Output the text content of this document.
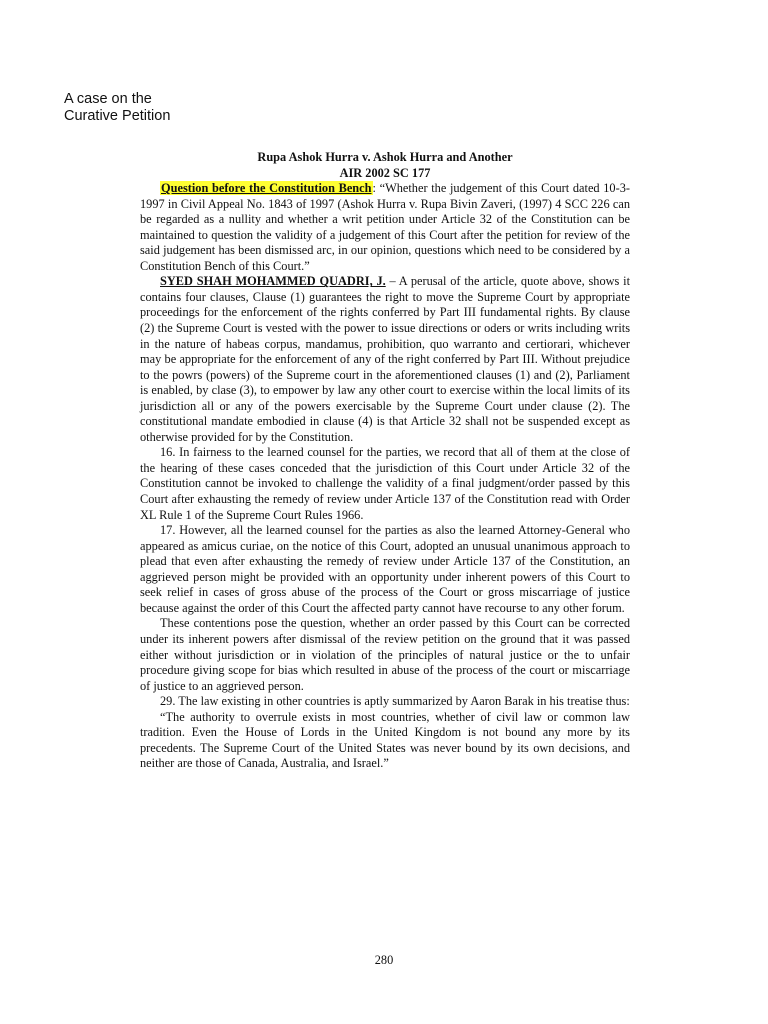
A case on the
Curative Petition
Rupa Ashok Hurra v. Ashok Hurra and Another
AIR 2002 SC 177

Question before the Constitution Bench: “Whether the judgement of this Court dated 10-3-1997 in Civil Appeal No. 1843 of 1997 (Ashok Hurra v. Rupa Bivin Zaveri, (1997) 4 SCC 226 can be regarded as a nullity and whether a writ petition under Article 32 of the Constitution can be maintained to question the validity of a judgement of this Court after the petition for review of the said judgement has been dismissed arc, in our opinion, questions which need to be considered by a Constitution Bench of this Court.”

SYED SHAH MOHAMMED QUADRI, J. – A perusal of the article, quote above, shows it contains four clauses, Clause (1) guarantees the right to move the Supreme Court by appropriate proceedings for the enforcement of the rights conferred by Part III fundamental rights. By clause (2) the Supreme Court is vested with the power to issue directions or oders or writs including writs in the nature of habeas corpus, mandamus, prohibition, quo warranto and certiorari, whichever may be appropriate for the enforcement of any of the right conferred by Part III. Without prejudice to the powrs (powers) of the Supreme court in the aforementioned clauses (1) and (2), Parliament is enabled, by clase (3), to empower by law any other court to exercise within the local limits of its jurisdiction all or any of the powers exercisable by the Supreme Court under clause (2). The constitutional mandate embodied in clause (4) is that Article 32 shall not be suspended except as otherwise provided for by the Constitution.

16. In fairness to the learned counsel for the parties, we record that all of them at the close of the hearing of these cases conceded that the jurisdiction of this Court under Article 32 of the Constitution cannot be invoked to challenge the validity of a final judgment/order passed by this Court after exhausting the remedy of review under Article 137 of the Constitution read with Order XL Rule 1 of the Supreme Court Rules 1966.

17. However, all the learned counsel for the parties as also the learned Attorney-General who appeared as amicus curiae, on the notice of this Court, adopted an unusual unanimous approach to plead that even after exhausting the remedy of review under Article 137 of the Constitution, an aggrieved person might be provided with an opportunity under inherent powers of this Court to seek relief in cases of gross abuse of the process of the Court or gross miscarriage of justice because against the order of this Court the affected party cannot have recourse to any other forum.

These contentions pose the question, whether an order passed by this Court can be corrected under its inherent powers after dismissal of the review petition on the ground that it was passed either without jurisdiction or in violation of the principles of natural justice or the to unfair procedure giving scope for bias which resulted in abuse of the process of the court or miscarriage of justice to an aggrieved person.

29. The law existing in other countries is aptly summarized by Aaron Barak in his treatise thus:

“The authority to overrule exists in most countries, whether of civil law or common law tradition. Even the House of Lords in the United Kingdom is not bound any more by its precedents. The Supreme Court of the United States was never bound by its own decisions, and neither are those of Canada, Australia, and Israel.”

280
